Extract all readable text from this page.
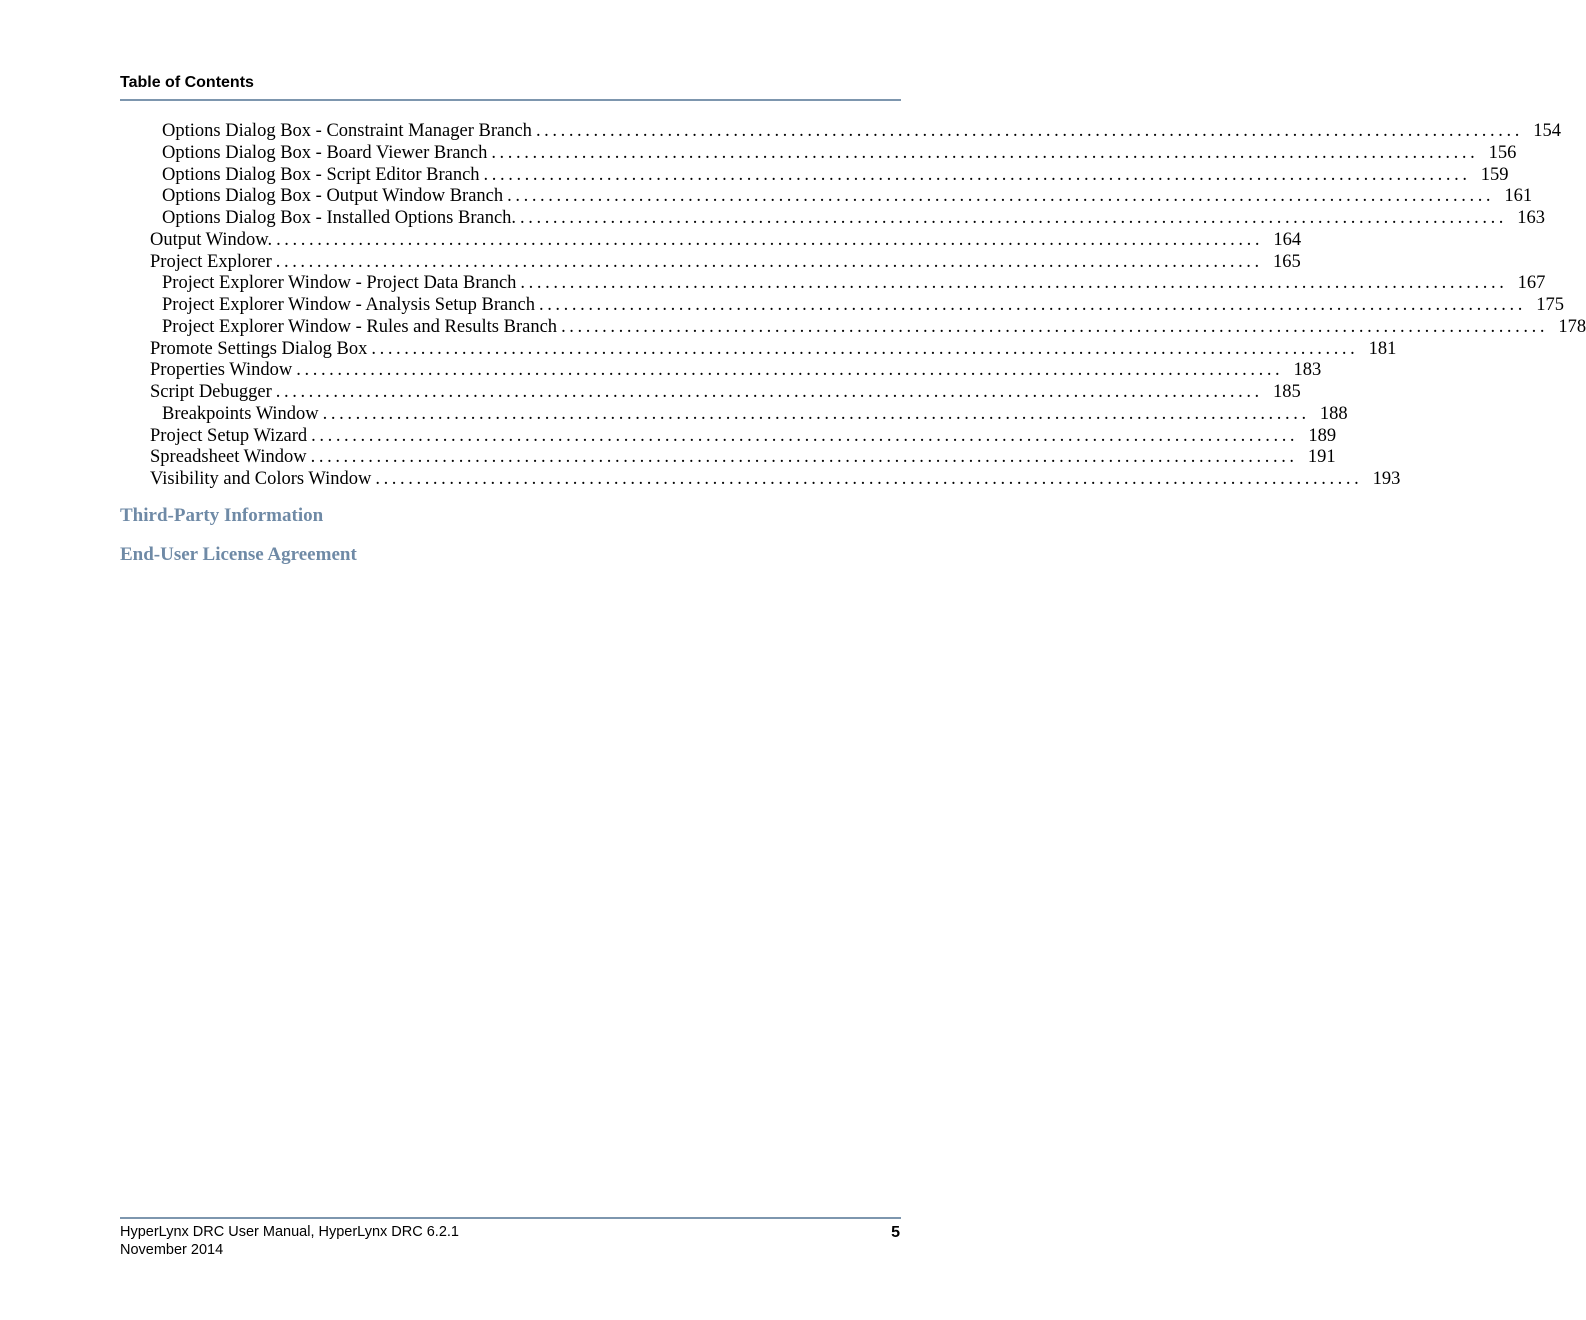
Table of Contents
Options Dialog Box - Constraint Manager Branch ........................................................................................................................ 154
Options Dialog Box - Board Viewer Branch ........................................................................................................................ 156
Options Dialog Box - Script Editor Branch ........................................................................................................................ 159
Options Dialog Box - Output Window Branch ........................................................................................................................ 161
Options Dialog Box - Installed Options Branch. ........................................................................................................................ 163
Output Window. ........................................................................................................................ 164
Project Explorer ........................................................................................................................ 165
Project Explorer Window - Project Data Branch ........................................................................................................................ 167
Project Explorer Window - Analysis Setup Branch ........................................................................................................................ 175
Project Explorer Window - Rules and Results Branch ........................................................................................................................ 178
Promote Settings Dialog Box ........................................................................................................................ 181
Properties Window ........................................................................................................................ 183
Script Debugger ........................................................................................................................ 185
Breakpoints Window ........................................................................................................................ 188
Project Setup Wizard ........................................................................................................................ 189
Spreadsheet Window ........................................................................................................................ 191
Visibility and Colors Window ........................................................................................................................ 193
Third-Party Information
End-User License Agreement
HyperLynx DRC User Manual, HyperLynx DRC 6.2.1
November 2014
5
